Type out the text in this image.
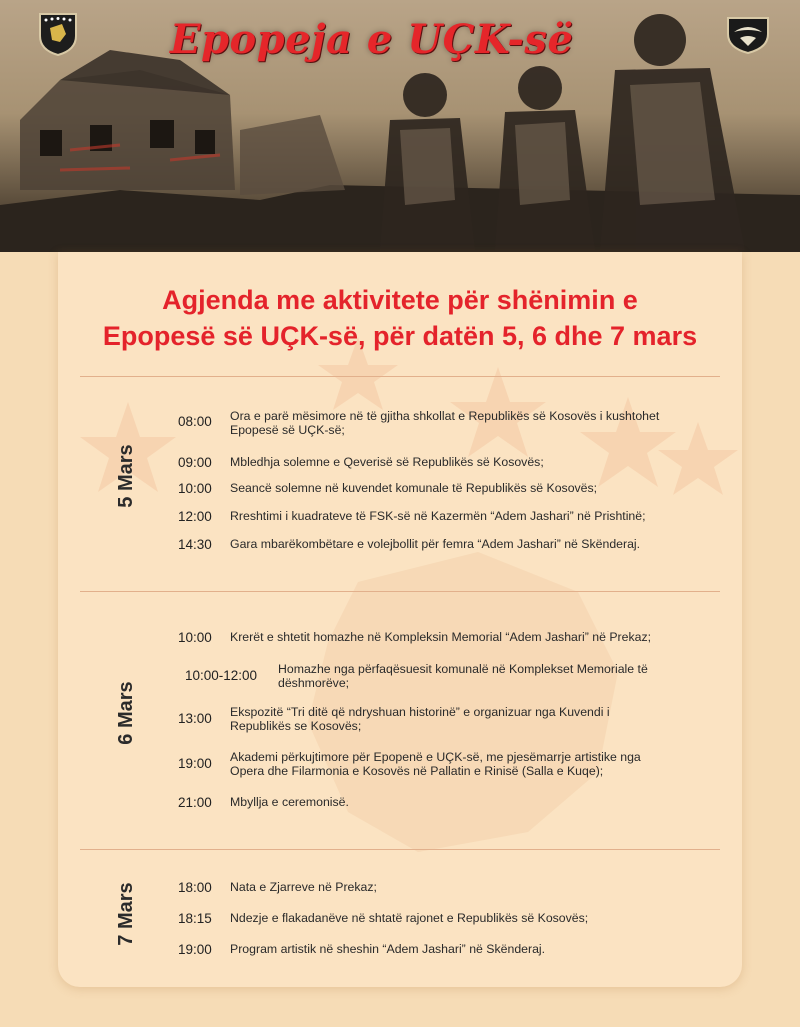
Epopeja e UÇK-së
Agjenda me aktivitete për shënimin e
Epopesë së UÇK-së, për datën 5, 6 dhe 7 mars
5 Mars
08:00 Ora e parë mësimore në të gjitha shkollat e Republikës së Kosovës i kushtohet Epopesë së UÇK-së;
09:00 Mbledhja solemne e Qeverisë së Republikës së Kosovës;
10:00 Seancë solemne në kuvendet komunale të Republikës së Kosovës;
12:00 Rreshtimi i kuadrateve të FSK-së në Kazermën “Adem Jashari” në Prishtinë;
14:30 Gara mbarëkombëtare e volejbollit për femra “Adem Jashari” në Skënderaj.
6 Mars
10:00 Krerët e shtetit homazhe në Kompleksin Memorial “Adem Jashari” në Prekaz;
10:00-12:00 Homazhe nga përfaqësuesit komunalë në Komplekset Memoriale të dëshmorëve;
13:00 Ekspozitë “Tri ditë që ndryshuan historinë” e organizuar nga Kuvendi i Republikës se Kosovës;
19:00 Akademi përkujtimore për Epopenë e UÇK-së, me pjesëmarrje artistike nga Opera dhe Filarmonia e Kosovës në Pallatin e Rinisë (Salla e Kuqe);
21:00 Mbyllja e ceremonisë.
7 Mars	18:00 Nata e Zjarreve në Prekaz;
18:15 Ndezje e flakadanëve në shtatë rajonet e Republikës së Kosovës;
19:00 Program artistik në sheshin “Adem Jashari” në Skënderaj.
